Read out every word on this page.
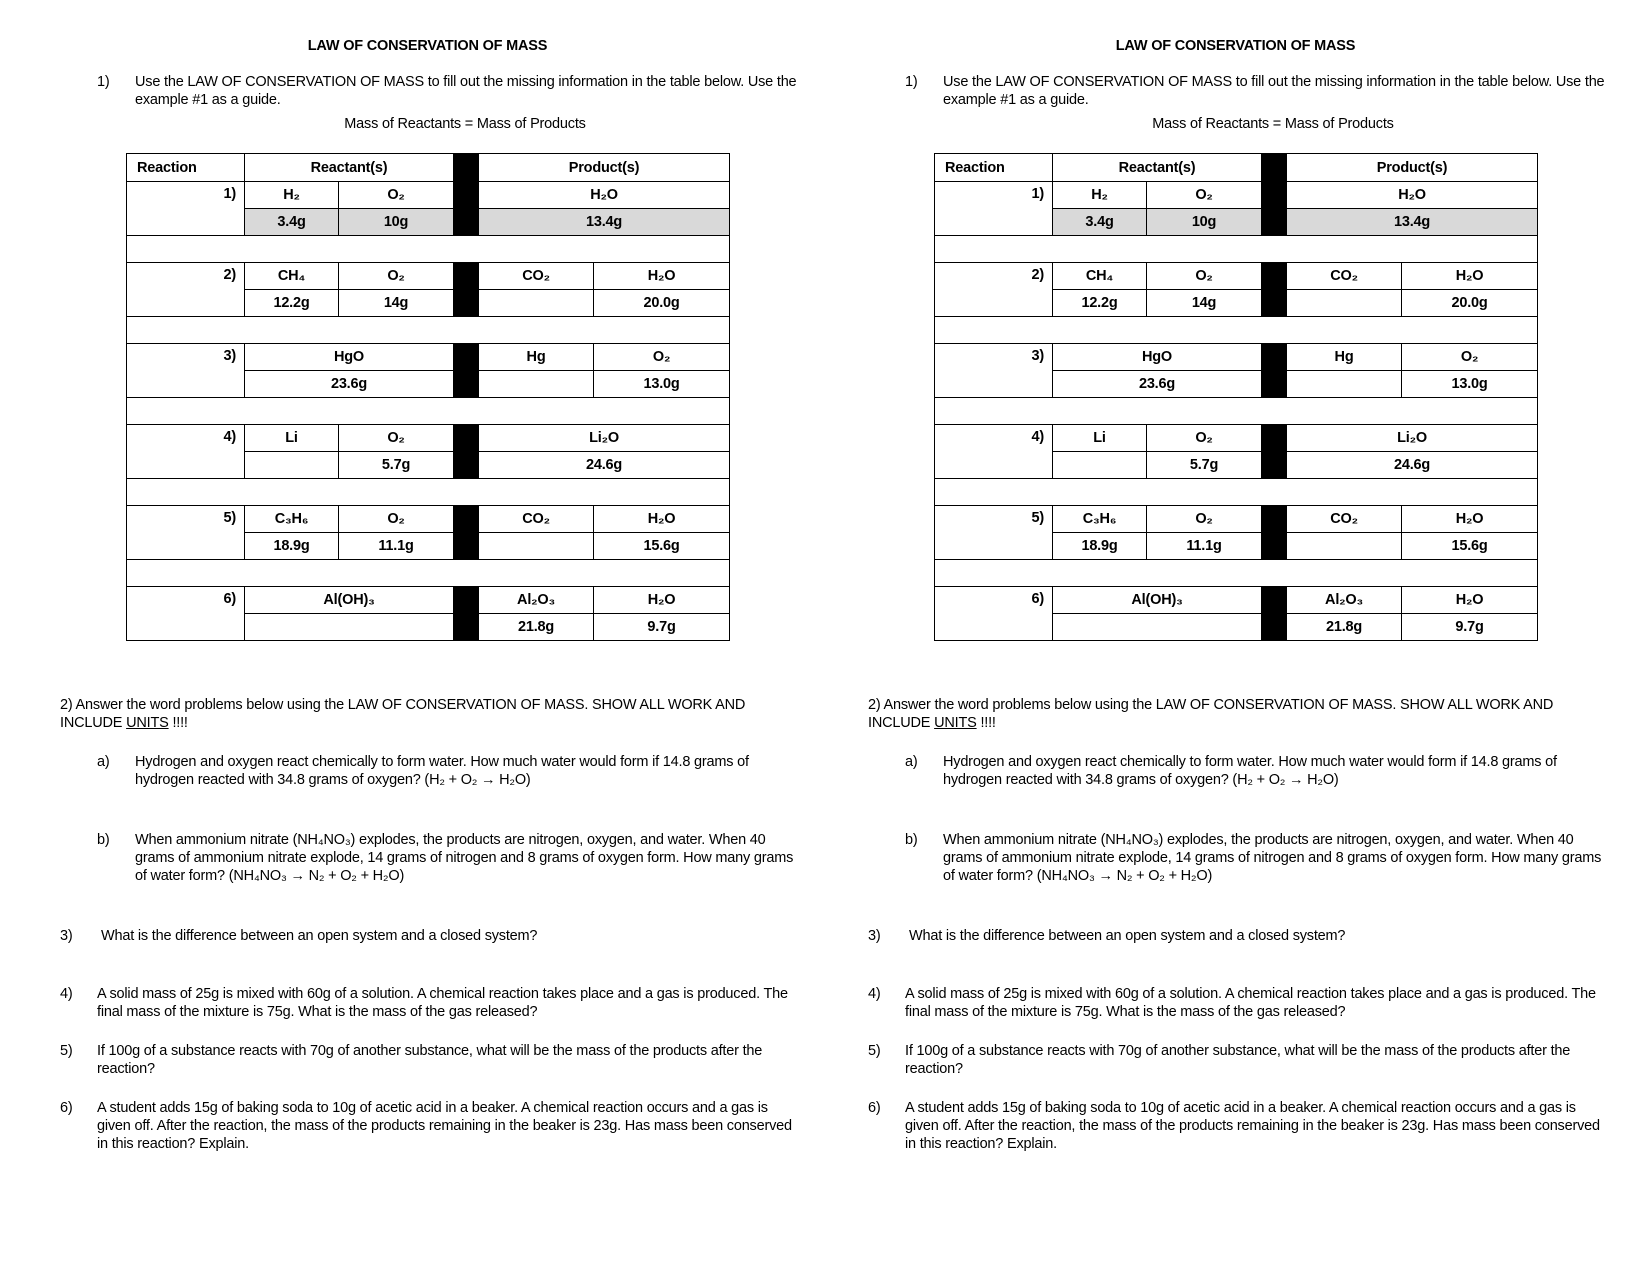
LAW OF CONSERVATION OF MASS
1) Use the LAW OF CONSERVATION OF MASS to fill out the missing information in the table below. Use the
example #1 as a guide.
Mass of Reactants = Mass of Products
Reaction	Reactant(s)			Product(s)	
1)	H₂	O₂		H₂O	
	3.4g	10g		13.4g	

2)	CH₄	O₂		CO₂	H₂O
	12.2g	14g			20.0g

3)	HgO			Hg	O₂
	23.6g				13.0g

4)	Li	O₂		Li₂O	
		5.7g		24.6g	

5)	C₃H₆	O₂		CO₂	H₂O
	18.9g	11.1g			15.6g

6)	Al(OH)₃			Al₂O₃	H₂O
				21.8g	9.7g
2) Answer the word problems below using the LAW OF CONSERVATION OF MASS. SHOW ALL WORK AND
INCLUDE UNITS !!!!
a) Hydrogen and oxygen react chemically to form water. How much water would form if 14.8 grams of
hydrogen reacted with 34.8 grams of oxygen? (H₂ + O₂ → H₂O)
b) When ammonium nitrate (NH₄NO₃) explodes, the products are nitrogen, oxygen, and water. When 40
grams of ammonium nitrate explode, 14 grams of nitrogen and 8 grams of oxygen form. How many grams
of water form? (NH₄NO₃ → N₂ + O₂ + H₂O)
3) What is the difference between an open system and a closed system?
4) A solid mass of 25g is mixed with 60g of a solution. A chemical reaction takes place and a gas is produced. The
final mass of the mixture is 75g. What is the mass of the gas released?
5) If 100g of a substance reacts with 70g of another substance, what will be the mass of the products after the
reaction?
6) A student adds 15g of baking soda to 10g of acetic acid in a beaker. A chemical reaction occurs and a gas is
given off. After the reaction, the mass of the products remaining in the beaker is 23g. Has mass been conserved
in this reaction? Explain.
LAW OF CONSERVATION OF MASS
1) Use the LAW OF CONSERVATION OF MASS to fill out the missing information in the table below. Use the
example #1 as a guide.
Mass of Reactants = Mass of Products
Reaction	Reactant(s)			Product(s)	
1)	H₂	O₂		H₂O	
	3.4g	10g		13.4g	

2)	CH₄	O₂		CO₂	H₂O
	12.2g	14g			20.0g

3)	HgO			Hg	O₂
	23.6g				13.0g

4)	Li	O₂		Li₂O	
		5.7g		24.6g	

5)	C₃H₆	O₂		CO₂	H₂O
	18.9g	11.1g			15.6g

6)	Al(OH)₃			Al₂O₃	H₂O
				21.8g	9.7g
2) Answer the word problems below using the LAW OF CONSERVATION OF MASS. SHOW ALL WORK AND
INCLUDE UNITS !!!!
a) Hydrogen and oxygen react chemically to form water. How much water would form if 14.8 grams of
hydrogen reacted with 34.8 grams of oxygen? (H₂ + O₂ → H₂O)
b) When ammonium nitrate (NH₄NO₃) explodes, the products are nitrogen, oxygen, and water. When 40
grams of ammonium nitrate explode, 14 grams of nitrogen and 8 grams of oxygen form. How many grams
of water form? (NH₄NO₃ → N₂ + O₂ + H₂O)
3) What is the difference between an open system and a closed system?
4) A solid mass of 25g is mixed with 60g of a solution. A chemical reaction takes place and a gas is produced. The
final mass of the mixture is 75g. What is the mass of the gas released?
5) If 100g of a substance reacts with 70g of another substance, what will be the mass of the products after the
reaction?
6) A student adds 15g of baking soda to 10g of acetic acid in a beaker. A chemical reaction occurs and a gas is
given off. After the reaction, the mass of the products remaining in the beaker is 23g. Has mass been conserved
in this reaction? Explain.
